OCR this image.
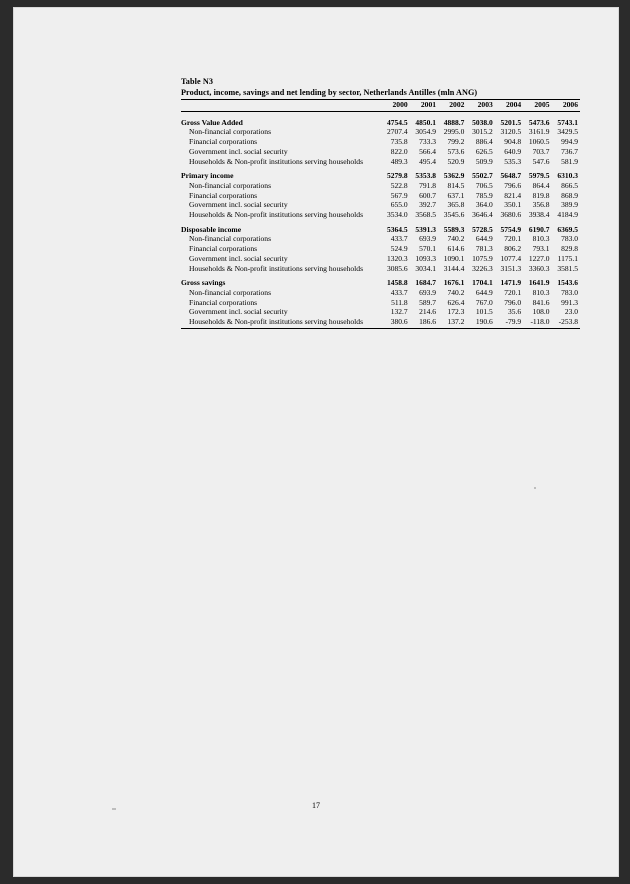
Table N3
Product, income, savings and net lending by sector, Netherlands Antilles (mln ANG)
	2000	2001	2002	2003	2004	2005	2006
Gross Value Added	4754.5	4850.1	4888.7	5038.0	5201.5	5473.6	5743.1
Non-financial corporations	2707.4	3054.9	2995.0	3015.2	3120.5	3161.9	3429.5
Financial corporations	735.8	733.3	799.2	886.4	904.8	1060.5	994.9
Government incl. social security	822.0	566.4	573.6	626.5	640.9	703.7	736.7
Households & Non-profit institutions serving households	489.3	495.4	520.9	509.9	535.3	547.6	581.9
Primary income	5279.8	5353.8	5362.9	5502.7	5648.7	5979.5	6310.3
Non-financial corporations	522.8	791.8	814.5	706.5	796.6	864.4	866.5
Financial corporations	567.9	600.7	637.1	785.9	821.4	819.8	868.9
Government incl. social security	655.0	392.7	365.8	364.0	350.1	356.8	389.9
Households & Non-profit institutions serving households	3534.0	3568.5	3545.6	3646.4	3680.6	3938.4	4184.9
Disposable income	5364.5	5391.3	5589.3	5728.5	5754.9	6190.7	6369.5
Non-financial corporations	433.7	693.9	740.2	644.9	720.1	810.3	783.0
Financial corporations	524.9	570.1	614.6	781.3	806.2	793.1	829.8
Government incl. social security	1320.3	1093.3	1090.1	1075.9	1077.4	1227.0	1175.1
Households & Non-profit institutions serving households	3085.6	3034.1	3144.4	3226.3	3151.3	3360.3	3581.5
Gross savings	1458.8	1684.7	1676.1	1704.1	1471.9	1641.9	1543.6
Non-financial corporations	433.7	693.9	740.2	644.9	720.1	810.3	783.0
Financial corporations	511.8	589.7	626.4	767.0	796.0	841.6	991.3
Government incl. social security	132.7	214.6	172.3	101.5	35.6	108.0	23.0
Households & Non-profit institutions serving households	380.6	186.6	137.2	190.6	-79.9	-118.0	-253.8
17
